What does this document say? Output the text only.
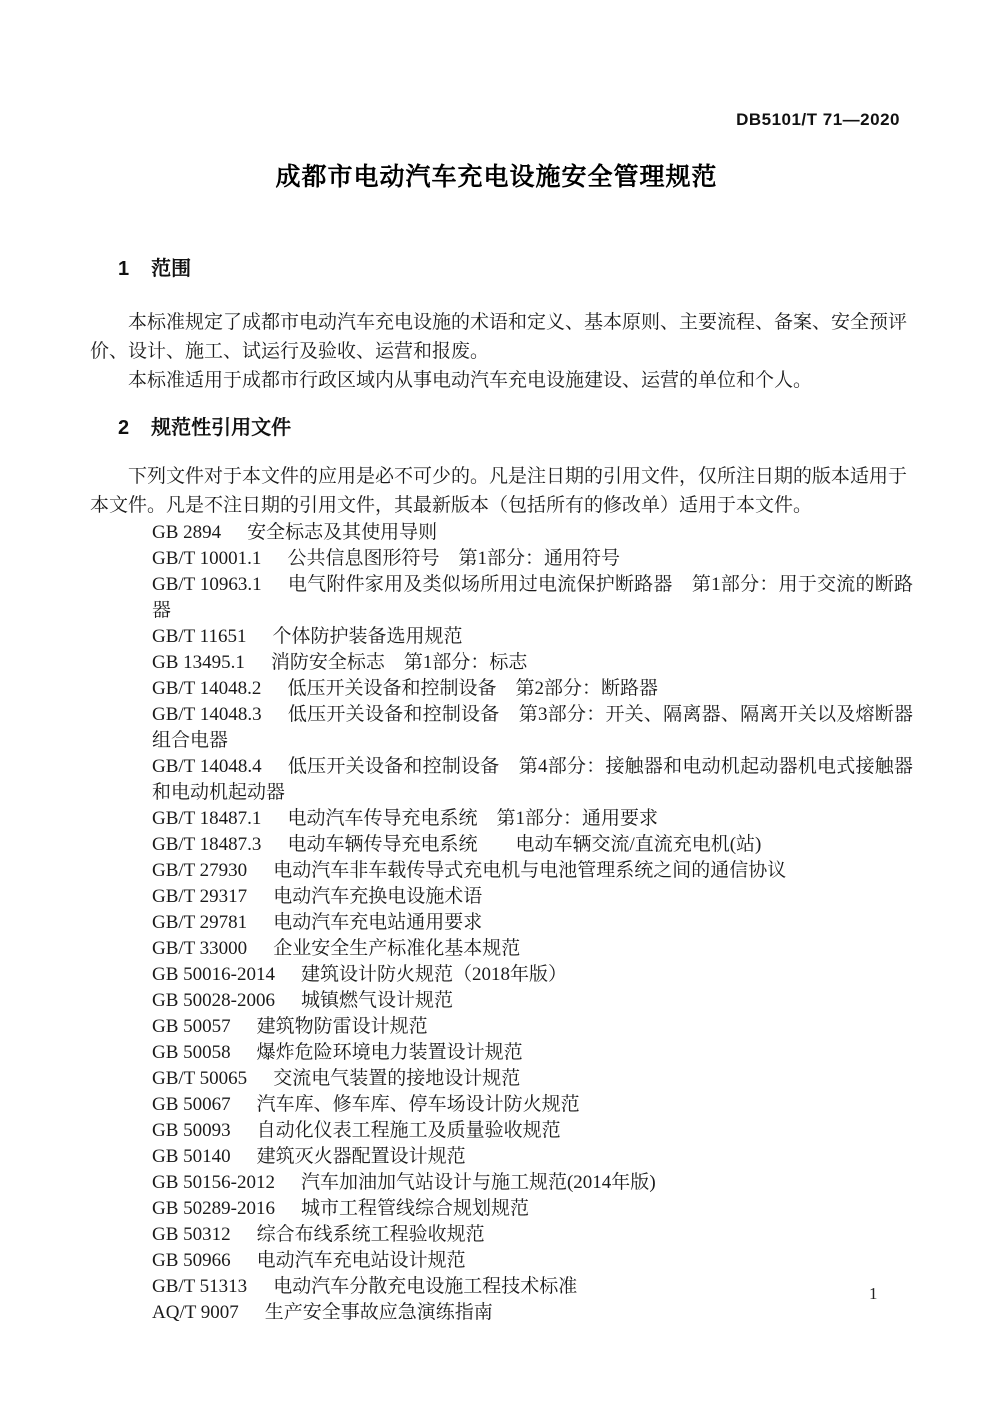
DB5101/T 71—2020
成都市电动汽车充电设施安全管理规范
1 范围

本标准规定了成都市电动汽车充电设施的术语和定义、基本原则、主要流程、备案、安全预评价、设计、施工、试运行及验收、运营和报废。

本标准适用于成都市行政区域内从事电动汽车充电设施建设、运营的单位和个人。

2 规范性引用文件

下列文件对于本文件的应用是必不可少的。凡是注日期的引用文件，仅所注日期的版本适用于本文件。凡是不注日期的引用文件，其最新版本（包括所有的修改单）适用于本文件。

GB 2894 安全标志及其使用导则
GB/T 10001.1 公共信息图形符号　第1部分：通用符号
GB/T 10963.1 电气附件家用及类似场所用过电流保护断路器　第1部分：用于交流的断路器
GB/T 11651 个体防护装备选用规范
GB 13495.1 消防安全标志　第1部分：标志
GB/T 14048.2 低压开关设备和控制设备　第2部分：断路器
GB/T 14048.3 低压开关设备和控制设备　第3部分：开关、隔离器、隔离开关以及熔断器组合电器
GB/T 14048.4 低压开关设备和控制设备　第4部分：接触器和电动机起动器机电式接触器和电动机起动器
GB/T 18487.1 电动汽车传导充电系统　第1部分：通用要求
GB/T 18487.3 电动车辆传导充电系统　　电动车辆交流/直流充电机(站)
GB/T 27930 电动汽车非车载传导式充电机与电池管理系统之间的通信协议
GB/T 29317 电动汽车充换电设施术语
GB/T 29781 电动汽车充电站通用要求
GB/T 33000 企业安全生产标准化基本规范
GB 50016-2014 建筑设计防火规范（2018年版）
GB 50028-2006 城镇燃气设计规范
GB 50057 建筑物防雷设计规范
GB 50058 爆炸危险环境电力装置设计规范
GB/T 50065 交流电气装置的接地设计规范
GB 50067 汽车库、修车库、停车场设计防火规范
GB 50093 自动化仪表工程施工及质量验收规范
GB 50140 建筑灭火器配置设计规范
GB 50156-2012 汽车加油加气站设计与施工规范(2014年版)
GB 50289-2016 城市工程管线综合规划规范
GB 50312 综合布线系统工程验收规范
GB 50966 电动汽车充电站设计规范
GB/T 51313 电动汽车分散充电设施工程技术标准
AQ/T 9007 生产安全事故应急演练指南
1
